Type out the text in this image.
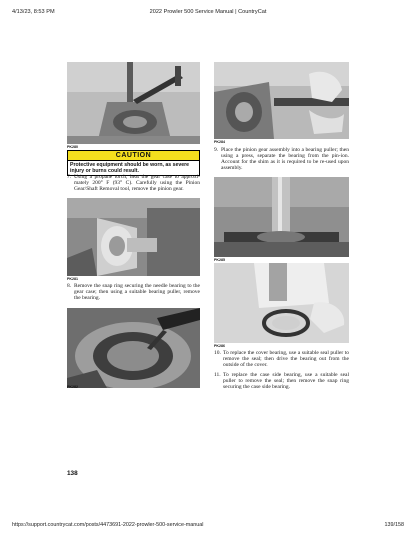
4/13/23, 8:53 PM	2022 Prowler 500 Service Manual | CountryCat
PK280
CAUTION
Protective equipment should be worn, as severe injury or burns could result.
7. Using a propane torch, heat the gear case to approxi-mately 200° F (93° C). Carefully using the Pinion Gear/Shaft Removal tool, remove the pinion gear.
PK281
8. Remove the snap ring securing the needle bearing to the gear case; then using a suitable bearing puller, remove the bearing.
PK282
PK284
9. Place the pinion gear assembly into a bearing puller; then using a press, separate the bearing from the pin-ion. Account for the shim as it is required to be re-used upon assembly.
PK285
PK286
10. To replace the cover bearing, use a suitable seal puller to remove the seal; then drive the bearing out from the outside of the cover.
11. To replace the case side bearing, use a suitable seal puller to remove the seal; then remove the snap ring securing the case side bearing.
138
https://support.countrycat.com/posts/4473691-2022-prowler-500-service-manual	139/158
